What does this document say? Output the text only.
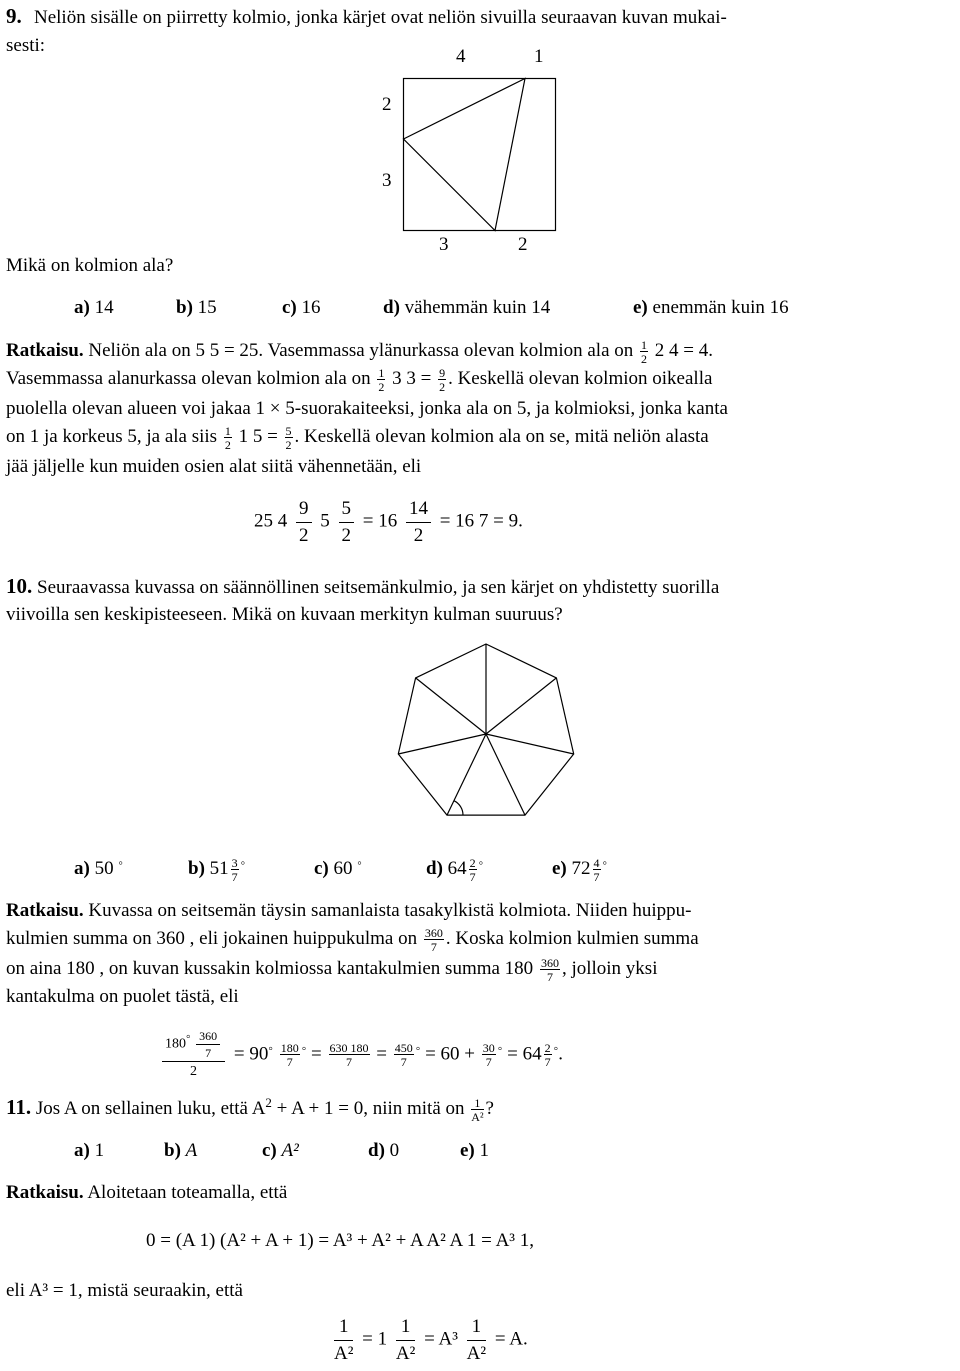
9. Neliön sisälle on piirretty kolmio, jonka kärjet ovat neliön sivuilla seuraavan kuvan mukai-
sesti:
4	1
2
3
3	2
Mikä on kolmion ala?
a) 14	b) 15	c) 16	d) vähemmän kuin 14	e) enemmän kuin 16
Ratkaisu. Neliön ala on 5 5 = 25. Vasemmassa ylänurkassa olevan kolmion ala on $\frac{1}{2} 2$ 4 = 4.
Vasemmassa alanurkassa olevan kolmion ala on $\frac{1}{2} 3$ $3 = \frac{9}{2}$ . Keskellä olevan kolmion oikealla
puolella olevan alueen voi jakaa 1 × 5-suorakaiteeksi, jonka ala on 5, ja kolmioksi, jonka kanta
on 1 ja korkeus 5, ja ala siis $\frac{1}{2} 1$ $5 = \frac{5}{2}$ . Keskellä olevan kolmion ala on se, mitä neliön alasta
jää jäljelle kun muiden osien alat siitä vähennetään, eli
25 $4 \frac{9}{2} 5 \frac{5}{2} = 16 \frac{14}{2} = 16$ 7 = 9.
10. Seuraavassa kuvassa on säännöllinen seitsemänkulmio, ja sen kärjet on yhdistetty suorilla
viivoilla sen keskipisteeseen. Mikä on kuvaan merkityn kulman suuruus?
a) 50 ◦	b) $51 \frac{3}{7} ^◦$	c) 60 ◦	d) $64 \frac{2}{7} ^◦$	e) $72 \frac{4}{7} ^◦$
Ratkaisu. Kuvassa on seitsemän täysin samanlaista tasakylkistä kolmiota. Niiden huippu-
kulmien summa on 360 , eli jokainen huippukulma on $\frac{360}{7}$ . Koska kolmion kulmien summa
on aina 180 , on kuvan kussakin kolmiossa kantakulmien summa $180 \frac{360}{7}$ , jolloin yksi
kantakulma on puolet tästä, eli
$\frac{180^◦ \frac{360}{7}}{2} = 90^◦ \frac{180}{7} ^◦ = \frac{630 180}{7} = \frac{450}{7} ^◦ = 60 + \frac{30}{7} ^◦ = 64 \frac{2}{7} ^◦$.
11. Jos A on sellainen luku, että $A^2 + A + 1 = 0$, niin mitä on $\frac{1}{\text{A²}}$ ?
a) 1	b) A	c) A²	d) 0	e) 1
Ratkaisu. Aloitetaan toteamalla, että
0 = (A 1) (A² + A + 1) = A³ + A² + A A² A 1 = A³ 1,
eli A³ = 1, mistä seuraakin, että
$\frac{1}{\text{A²}} = 1 \frac{1}{\text{A²}} = A^3 \frac{1}{\text{A²}} = A$.
